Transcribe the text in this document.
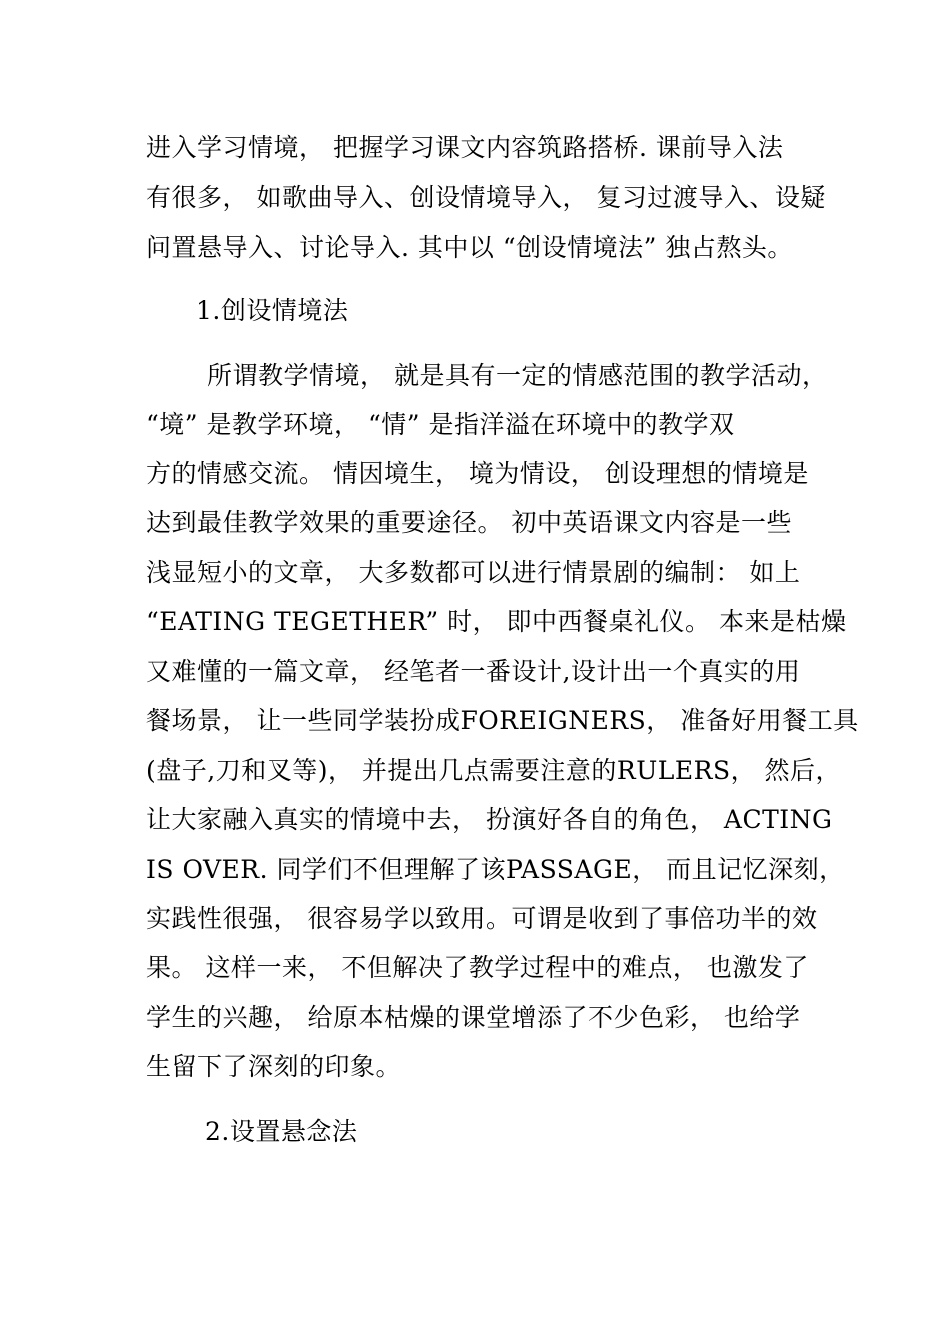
进入学习情境， 把握学习课文内容筑路搭桥. 课前导入法
有很多， 如歌曲导入、创设情境导入， 复习过渡导入、设疑
问置悬导入、讨论导入. 其中以 “创设情境法” 独占熬头。
1.创设情境法
所谓教学情境， 就是具有一定的情感范围的教学活动，
“境” 是教学环境， “情” 是指洋溢在环境中的教学双
方的情感交流。 情因境生， 境为情设， 创设理想的情境是
达到最佳教学效果的重要途径。 初中英语课文内容是一些
浅显短小的文章， 大多数都可以进行情景剧的编制： 如上
“EATING TEGETHER” 时， 即中西餐桌礼仪。 本来是枯燥
又难懂的一篇文章， 经笔者一番设计,设计出一个真实的用
餐场景， 让一些同学装扮成FOREIGNERS， 准备好用餐工具
(盘子,刀和叉等)， 并提出几点需要注意的RULERS， 然后，
让大家融入真实的情境中去， 扮演好各自的角色， ACTING
IS OVER. 同学们不但理解了该PASSAGE， 而且记忆深刻，
实践性很强， 很容易学以致用。可谓是收到了事倍功半的效
果。 这样一来， 不但解决了教学过程中的难点， 也激发了
学生的兴趣， 给原本枯燥的课堂增添了不少色彩， 也给学
生留下了深刻的印象。
2.设置悬念法
